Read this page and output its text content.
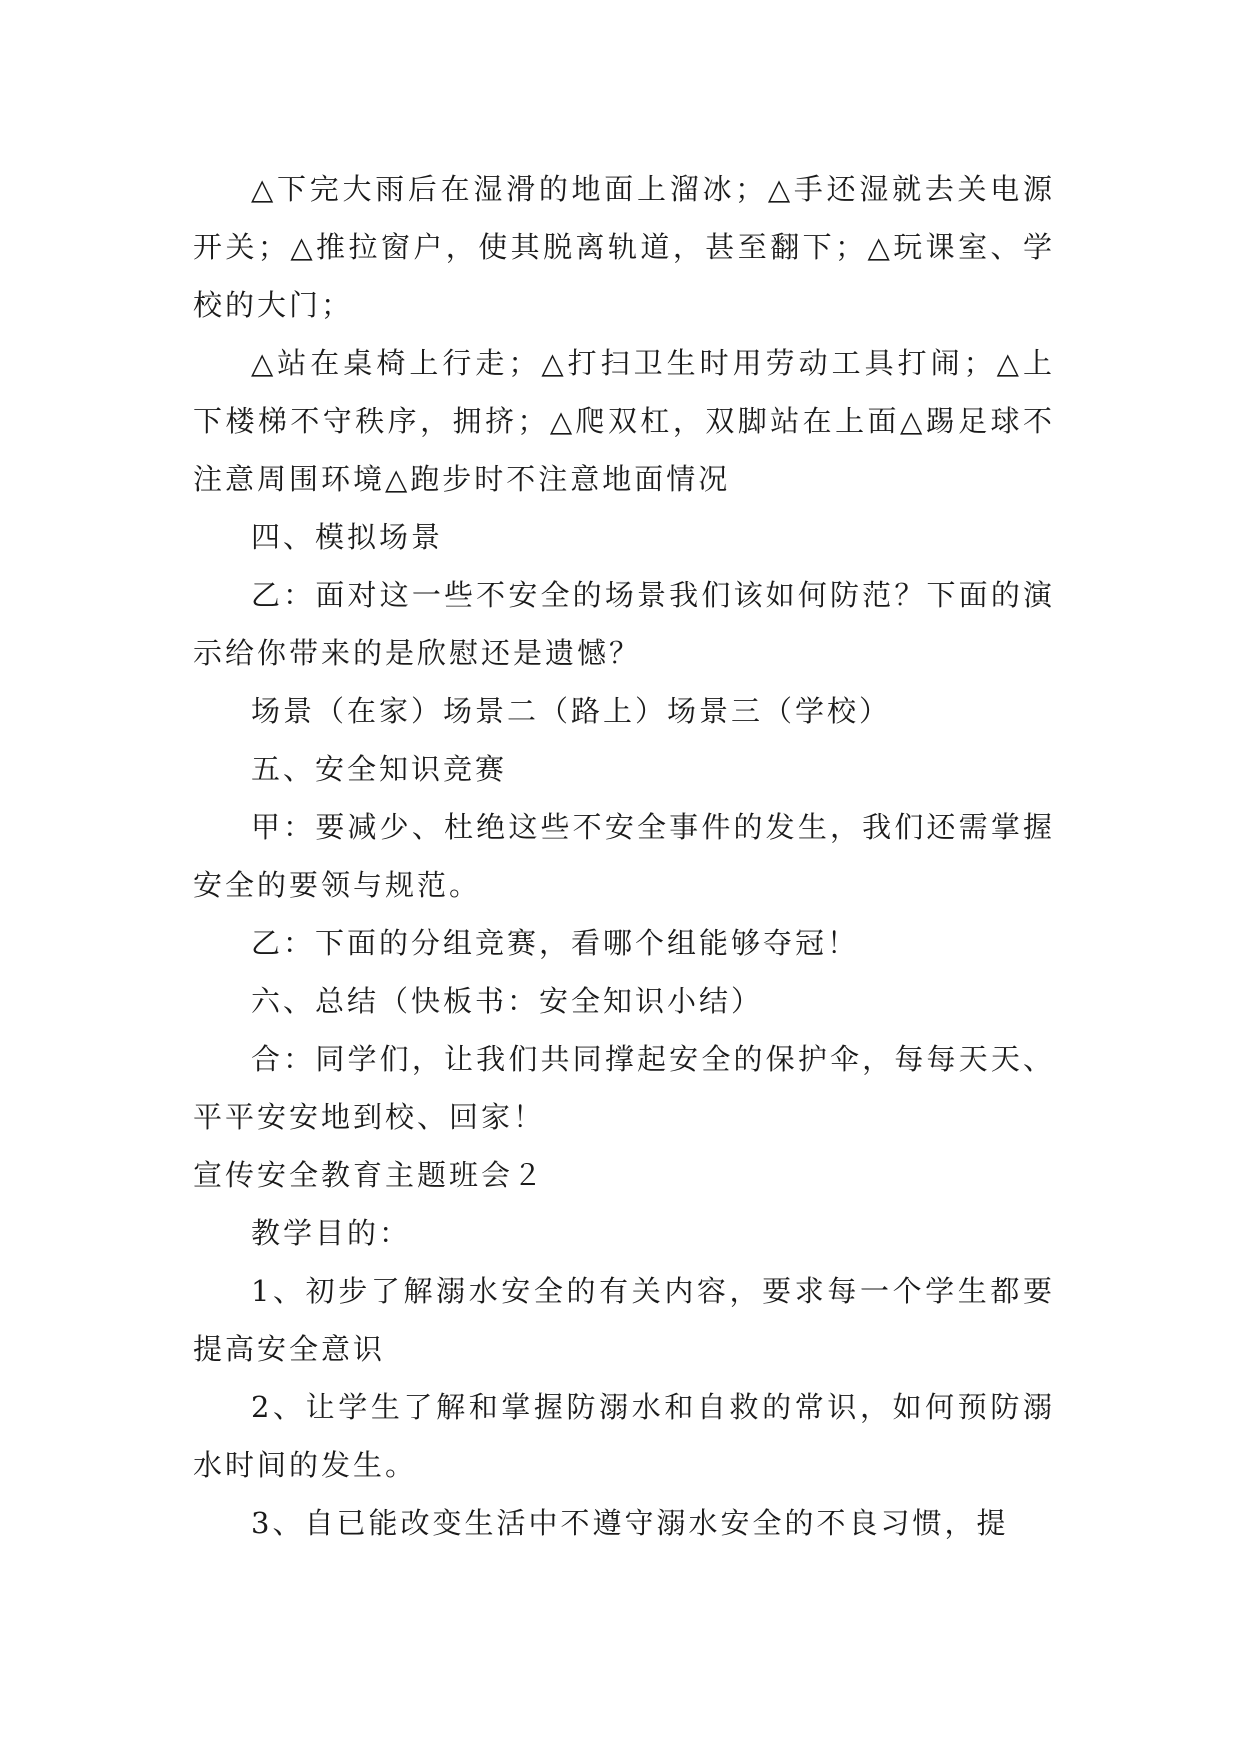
△下完大雨后在湿滑的地面上溜冰；△手还湿就去关电源开关；△推拉窗户，使其脱离轨道，甚至翻下；△玩课室、学校的大门；

△站在桌椅上行走；△打扫卫生时用劳动工具打闹；△上下楼梯不守秩序，拥挤；△爬双杠，双脚站在上面△踢足球不注意周围环境△跑步时不注意地面情况

四、模拟场景

乙：面对这一些不安全的场景我们该如何防范？下面的演示给你带来的是欣慰还是遗憾？

场景（在家）场景二（路上）场景三（学校）

五、安全知识竞赛

甲：要减少、杜绝这些不安全事件的发生，我们还需掌握安全的要领与规范。

乙：下面的分组竞赛，看哪个组能够夺冠！

六、总结（快板书：安全知识小结）

合：同学们，让我们共同撑起安全的保护伞，每每天天、平平安安地到校、回家！

宣传安全教育主题班会２

教学目的：

1、初步了解溺水安全的有关内容，要求每一个学生都要提高安全意识

2、让学生了解和掌握防溺水和自救的常识，如何预防溺水时间的发生。

3、自已能改变生活中不遵守溺水安全的不良习惯，提
